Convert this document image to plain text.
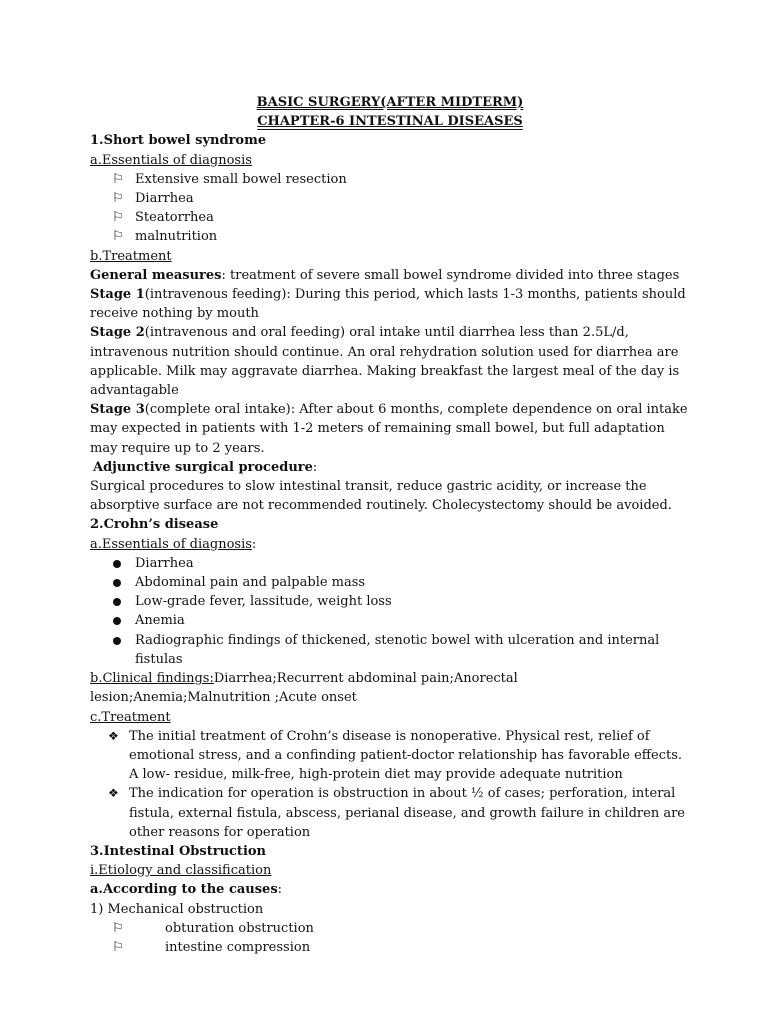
BASIC SURGERY(AFTER MIDTERM)

CHAPTER-6 INTESTINAL DISEASES

1.Short bowel syndrome

a.Essentials of diagnosis

⚐ Extensive small bowel resection
⚐ Diarrhea
⚐ Steatorrhea
⚐ malnutrition

b.Treatment

General measures: treatment of severe small bowel syndrome divided into three stages

Stage 1(intravenous feeding): During this period, which lasts 1-3 months, patients should receive nothing by mouth

Stage 2(intravenous and oral feeding) oral intake until diarrhea less than 2.5L/d, intravenous nutrition should continue. An oral rehydration solution used for diarrhea are applicable. Milk may aggravate diarrhea. Making breakfast the largest meal of the day is advantagable

Stage 3(complete oral intake): After about 6 months, complete dependence on oral intake may expected in patients with 1-2 meters of remaining small bowel, but full adaptation may require up to 2 years.

Adjunctive surgical procedure:

Surgical procedures to slow intestinal transit, reduce gastric acidity, or increase the absorptive surface are not recommended routinely. Cholecystectomy should be avoided.

2.Crohn’s disease

a.Essentials of diagnosis:

Diarrhea
Abdominal pain and palpable mass
Low-grade fever, lassitude, weight loss
Anemia
Radiographic findings of thickened, stenotic bowel with ulceration and internal fistulas

b.Clinical findings:Diarrhea;Recurrent abdominal pain;Anorectal lesion;Anemia;Malnutrition ;Acute onset

c.Treatment

❖ The initial treatment of Crohn’s disease is nonoperative. Physical rest, relief of emotional stress, and a confinding patient-doctor relationship has favorable effects. A low- residue, milk-free, high-protein diet may provide adequate nutrition
❖ The indication for operation is obstruction in about ½ of cases; perforation, interal fistula, external fistula, abscess, perianal disease, and growth failure in children are other reasons for operation

3.Intestinal Obstruction

i.Etiology and classification

a.According to the causes:

1) Mechanical obstruction

⚐	obturation obstruction
⚐	intestine compression
